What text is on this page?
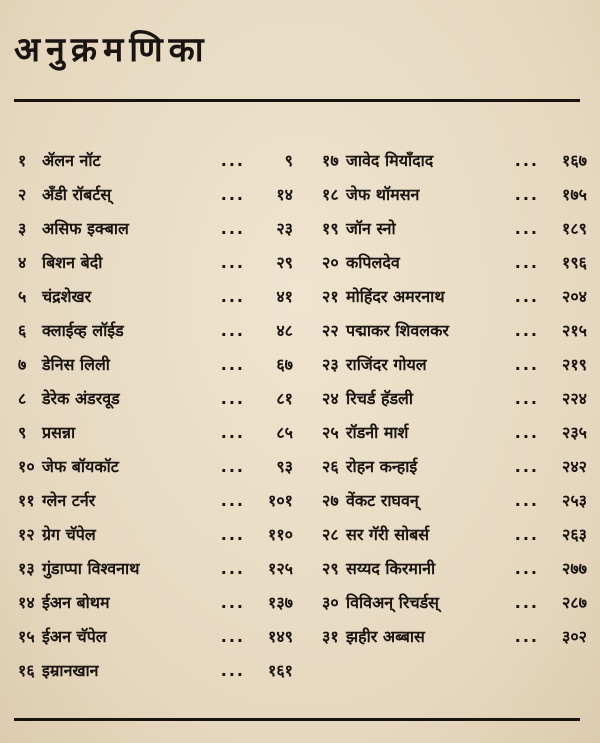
अनुक्रमणिका
१ ॲलन नॉट	...	९
२ अँडी रॉबर्टस्	...	१४
३ असिफ इक्बाल	...	२३
४ बिशन बेदी	...	२९
५ चंद्रशेखर	...	४१
६ क्लाईव्ह लॉईड	...	४८
७ डेनिस लिली	...	६७
८ डेरेक अंडरवूड	...	८१
९ प्रसन्ना	...	८५
१० जेफ बॉयकॉट	...	९३
११ ग्लेन टर्नर	...	१०१
१२ ग्रेग चॅपेल	...	११०
१३ गुंडाप्पा विश्वनाथ	...	१२५
१४ ईअन बोथम	...	१३७
१५ ईअन चॅपेल	...	१४९
१६ इम्रानखान	...	१६१
१७ जावेद मियाँदाद	...	१६७
१८ जेफ थॉमसन	...	१७५
१९ जॉन स्नो	...	१८९
२० कपिलदेव	...	१९६
२१ मोहिंदर अमरनाथ	...	२०४
२२ पद्माकर शिवलकर	...	२१५
२३ राजिंदर गोयल	...	२१९
२४ रिचर्ड हॅडली	...	२२४
२५ रॉडनी मार्श	...	२३५
२६ रोहन कन्हाई	...	२४२
२७ वेंकट राघवन्	...	२५३
२८ सर गॅरी सोबर्स	...	२६३
२९ सय्यद किरमानी	...	२७७
३० विविअन् रिचर्डस्	...	२८७
३१ झहीर अब्बास	...	३०२
